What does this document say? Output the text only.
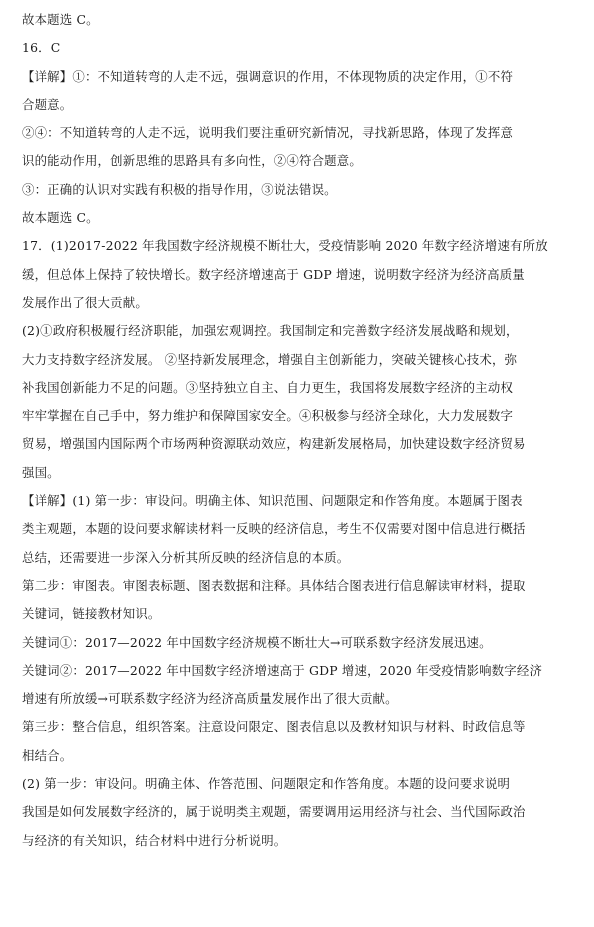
故本题选 C。
16．C
【详解】①：不知道转弯的人走不远，强调意识的作用，不体现物质的决定作用，①不符
合题意。
②④：不知道转弯的人走不远，说明我们要注重研究新情况，寻找新思路，体现了发挥意
识的能动作用，创新思维的思路具有多向性，②④符合题意。
③：正确的认识对实践有积极的指导作用，③说法错误。
故本题选 C。
17．(1)2017-2022 年我国数字经济规模不断壮大，受疫情影响 2020 年数字经济增速有所放
缓，但总体上保持了较快增长。数字经济增速高于 GDP 增速，说明数字经济为经济高质量
发展作出了很大贡献。
(2)①政府积极履行经济职能，加强宏观调控。我国制定和完善数字经济发展战略和规划，
大力支持数字经济发展。 ②坚持新发展理念，增强自主创新能力，突破关键核心技术，弥
补我国创新能力不足的问题。③坚持独立自主、自力更生，我国将发展数字经济的主动权
牢牢掌握在自己手中，努力维护和保障国家安全。④积极参与经济全球化，大力发展数字
贸易，增强国内国际两个市场两种资源联动效应，构建新发展格局，加快建设数字经济贸易
强国。
【详解】(1) 第一步：审设问。明确主体、知识范围、问题限定和作答角度。本题属于图表
类主观题，本题的设问要求解读材料一反映的经济信息，考生不仅需要对图中信息进行概括
总结，还需要进一步深入分析其所反映的经济信息的本质。
第二步：审图表。审图表标题、图表数据和注释。具体结合图表进行信息解读审材料，提取
关键词，链接教材知识。
关键词①：2017—2022 年中国数字经济规模不断壮大→可联系数字经济发展迅速。
关键词②：2017—2022 年中国数字经济增速高于 GDP 增速，2020 年受疫情影响数字经济
增速有所放缓→可联系数字经济为经济高质量发展作出了很大贡献。
第三步：整合信息，组织答案。注意设问限定、图表信息以及教材知识与材料、时政信息等
相结合。
(2) 第一步：审设问。明确主体、作答范围、问题限定和作答角度。本题的设问要求说明
我国是如何发展数字经济的，属于说明类主观题，需要调用运用经济与社会、当代国际政治
与经济的有关知识，结合材料中进行分析说明。
